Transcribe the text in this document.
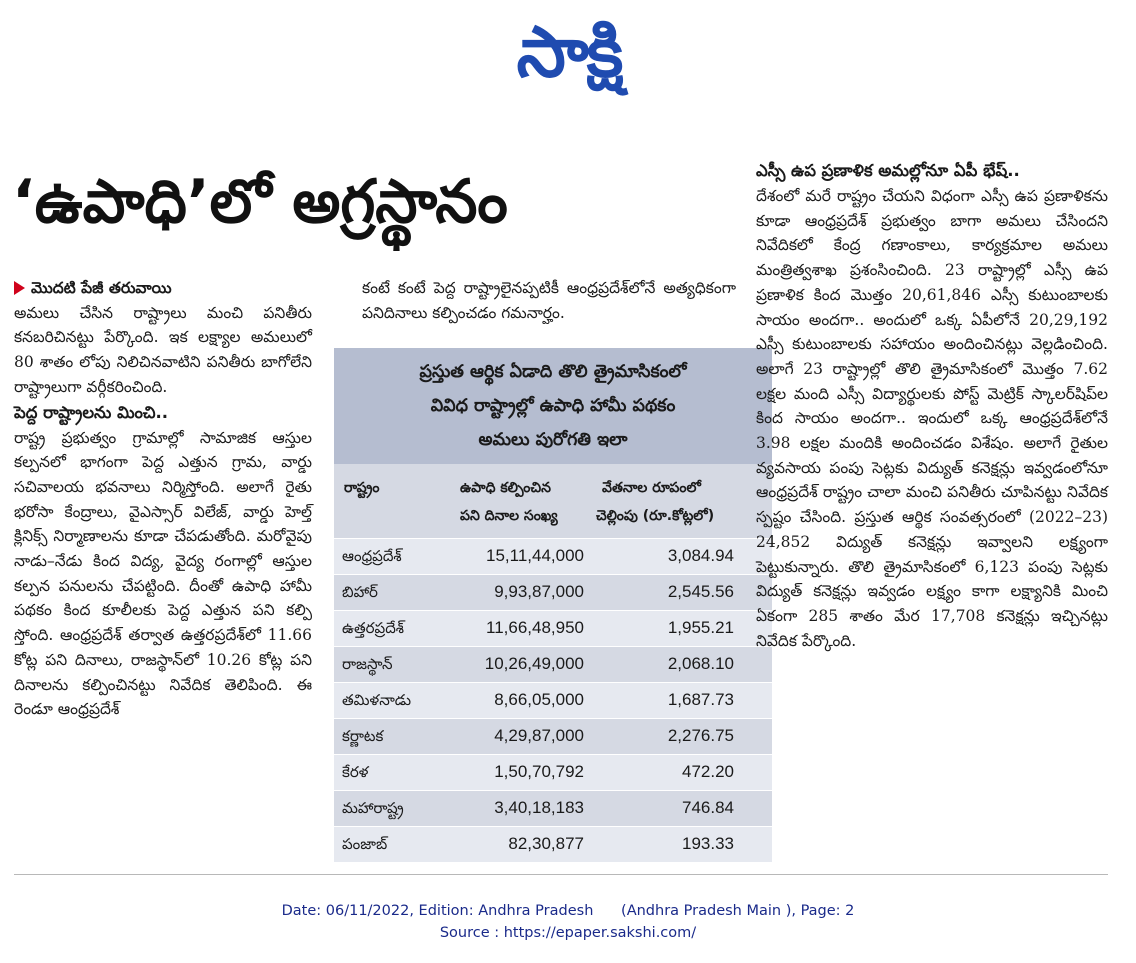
సాక్షి
‘ఉపాధి’లో అగ్రస్థానం
మొదటి పేజీ తరువాయి

అమలు చేసిన రాష్ట్రాలు మంచి పనితీరు కనబరిచినట్టు పేర్కొంది. ఇక లక్ష్యాల అమలులో 80 శాతం లోపు నిలిచినవాటిని పనితీరు బాగోలేని రాష్ట్రాలుగా వర్గీకరించింది.

పెద్ద రాష్ట్రాలను మించి..

రాష్ట్ర ప్రభుత్వం గ్రామాల్లో సామాజిక ఆస్తుల కల్పనలో భాగంగా పెద్ద ఎత్తున గ్రామ, వార్డు సచివాలయ భవనాలు నిర్మిస్తోంది. అలాగే రైతు భరోసా కేంద్రాలు, వైఎస్సార్ విలేజ్, వార్డు హెల్త్ క్లినిక్స్ నిర్మాణాలను కూడా చేపడుతోంది. మరోవైపు నాడు–నేడు కింద విద్య, వైద్య రంగాల్లో ఆస్తుల కల్పన పనులను చేపట్టింది. దీంతో ఉపాధి హామీ పథకం కింద కూలీలకు పెద్ద ఎత్తున పని కల్పి స్తోంది. ఆంధ్రప్రదేశ్ తర్వాత ఉత్తరప్రదేశ్‌లో 11.66 కోట్ల పని దినాలు, రాజస్థాన్‌లో 10.26 కోట్ల పని దినాలను కల్పించినట్టు నివేదిక తెలిపింది. ఈ రెండూ ఆంధ్రప్రదేశ్

కంటే కంటే పెద్ద రాష్ట్రాలైనప్పటికీ ఆంధ్రప్రదేశ్‌లోనే అత్యధికంగా పనిదినాలు కల్పించడం గమనార్హం.

ప్రస్తుత ఆర్థిక ఏడాది తొలి త్రైమాసికంలో
వివిధ రాష్ట్రాల్లో ఉపాధి హామీ పథకం
అమలు పురోగతి ఇలా
రాష్ట్రం	ఉపాధి కల్పించిన
పని దినాల సంఖ్య
వేతనాల రూపంలో
చెల్లింపు (రూ.కోట్లలో)
ఆంధ్రప్రదేశ్	15,11,44,000	3,084.94
బిహార్	9,93,87,000	2,545.56
ఉత్తరప్రదేశ్	11,66,48,950	1,955.21
రాజస్థాన్	10,26,49,000	2,068.10
తమిళనాడు	8,66,05,000	1,687.73
కర్ణాటక	4,29,87,000	2,276.75
కేరళ	1,50,70,792	472.20
మహారాష్ట్ర	3,40,18,183	746.84
పంజాబ్	82,30,877	193.33
ఎస్సీ ఉప ప్రణాళిక అమల్లోనూ ఏపీ భేష్..

దేశంలో మరే రాష్ట్రం చేయని విధంగా ఎస్సీ ఉప ప్రణాళికను కూడా ఆంధ్రప్రదేశ్ ప్రభుత్వం బాగా అమలు చేసిందని నివేదికలో కేంద్ర గణాంకాలు, కార్యక్రమాల అమలు మంత్రిత్వశాఖ ప్రశంసించింది. 23 రాష్ట్రాల్లో ఎస్సీ ఉప ప్రణాళిక కింద మొత్తం 20,61,846 ఎస్సీ కుటుంబాలకు సాయం అందగా.. అందులో ఒక్క ఏపీలోనే 20,29,192 ఎస్సీ కుటుంబాలకు సహాయం అందించినట్లు వెల్లడించింది. అలాగే 23 రాష్ట్రాల్లో తొలి త్రైమాసికంలో మొత్తం 7.62 లక్షల మంది ఎస్సీ విద్యార్థులకు పోస్ట్ మెట్రిక్ స్కాలర్‌షిప్‌ల కింద సాయం అందగా.. ఇందులో ఒక్క ఆంధ్రప్రదేశ్‌లోనే 3.98 లక్షల మందికి అందించడం విశేషం. అలాగే రైతుల వ్యవసాయ పంపు సెట్లకు విద్యుత్ కనెక్షన్లు ఇవ్వడంలోనూ ఆంధ్రప్రదేశ్ రాష్ట్రం చాలా మంచి పనితీరు చూపినట్టు నివేదిక స్పష్టం చేసింది. ప్రస్తుత ఆర్థిక సంవత్సరంలో (2022–23) 24,852 విద్యుత్ కనెక్షన్లు ఇవ్వాలని లక్ష్యంగా పెట్టుకున్నారు. తొలి త్రైమాసికంలో 6,123 పంపు సెట్లకు విద్యుత్ కనెక్షన్లు ఇవ్వడం లక్ష్యం కాగా లక్ష్యానికి మించి ఏకంగా 285 శాతం మేర 17,708 కనెక్షన్లు ఇచ్చినట్లు నివేదిక పేర్కొంది.

Date: 06/11/2022, Edition: Andhra Pradesh      (Andhra Pradesh Main ), Page: 2
Source : https://epaper.sakshi.com/
